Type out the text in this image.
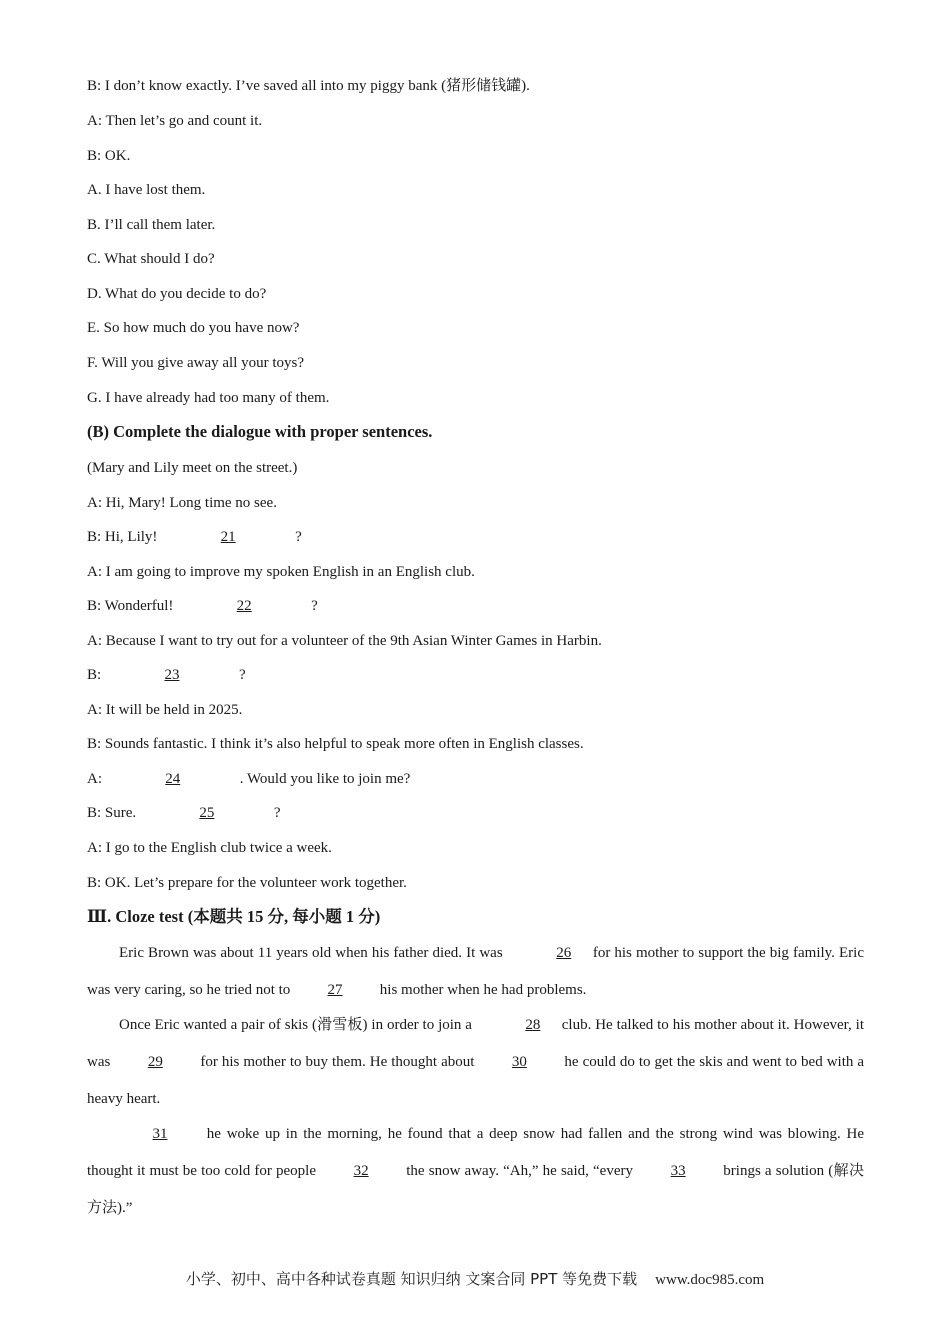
B: I don’t know exactly. I’ve saved all into my piggy bank (猪形储钱罐).
A: Then let’s go and count it.
B: OK.
A. I have lost them.
B. I’ll call them later.
C. What should I do?
D. What do you decide to do?
E. So how much do you have now?
F. Will you give away all your toys?
G. I have already had too many of them.
(B) Complete the dialogue with proper sentences.
(Mary and Lily meet on the street.)
A: Hi, Mary! Long time no see.
B: Hi, Lily!	21	?
A: I am going to improve my spoken English in an English club.
B: Wonderful!	22	?
A: Because I want to try out for a volunteer of the 9th Asian Winter Games in Harbin.
B:	23	?
A: It will be held in 2025.
B: Sounds fantastic. I think it’s also helpful to speak more often in English classes.
A:	24	. Would you like to join me?
B: Sure.	25	?
A: I go to the English club twice a week.
B: OK. Let’s prepare for the volunteer work together.
Ⅲ. Cloze test (本题共 15 分, 每小题 1 分)
Eric Brown was about 11 years old when his father died. It was	26 for his mother to support the big family. Eric was very caring, so he tried not to 27 his mother when he had problems.
Once Eric wanted a pair of skis (滑雪板) in order to join a	28 club. He talked to his mother about it. However, it was 29 for his mother to buy them. He thought about 30 he could do to get the skis and went to bed with a heavy heart.
31 he woke up in the morning, he found that a deep snow had fallen and the strong wind was blowing. He thought it must be too cold for people 32 the snow away. “Ah,” he said, “every 33 brings a solution (解决方法).”
小学、初中、高中各种试卷真题 知识归纳 文案合同 PPT 等免费下载 www.doc985.com
